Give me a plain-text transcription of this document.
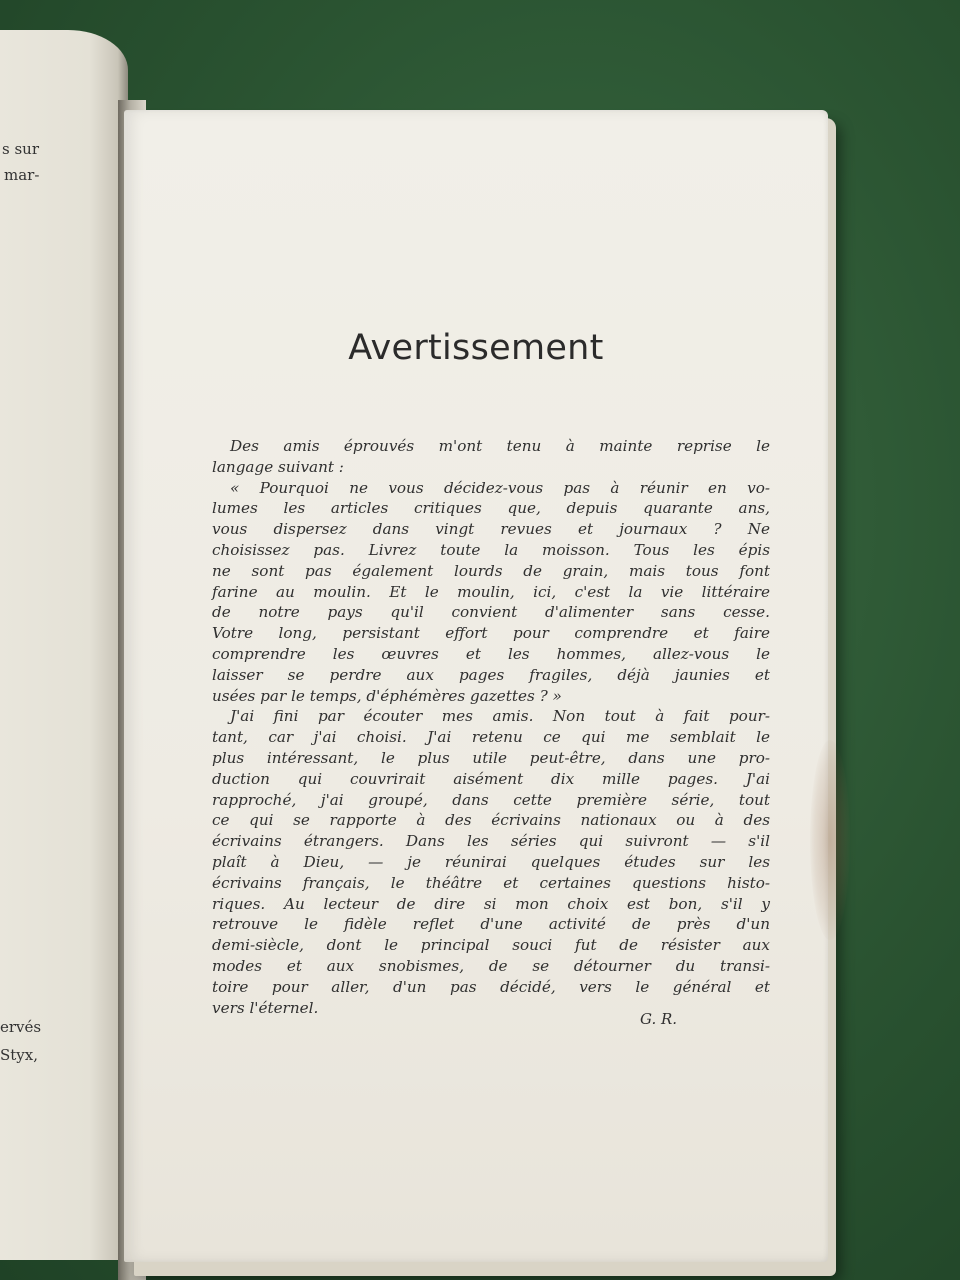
s sur
mar-
ervés
Styx,
Avertissement
Des amis éprouvés m'ont tenu à mainte reprise le
langage suivant :
« Pourquoi ne vous décidez-vous pas à réunir en vo-
lumes les articles critiques que, depuis quarante ans,
vous dispersez dans vingt revues et journaux ? Ne
choisissez pas. Livrez toute la moisson. Tous les épis
ne sont pas également lourds de grain, mais tous font
farine au moulin. Et le moulin, ici, c'est la vie littéraire
de notre pays qu'il convient d'alimenter sans cesse.
Votre long, persistant effort pour comprendre et faire
comprendre les œuvres et les hommes, allez-vous le
laisser se perdre aux pages fragiles, déjà jaunies et
usées par le temps, d'éphémères gazettes ? »
J'ai fini par écouter mes amis. Non tout à fait pour-
tant, car j'ai choisi. J'ai retenu ce qui me semblait le
plus intéressant, le plus utile peut-être, dans une pro-
duction qui couvrirait aisément dix mille pages. J'ai
rapproché, j'ai groupé, dans cette première série, tout
ce qui se rapporte à des écrivains nationaux ou à des
écrivains étrangers. Dans les séries qui suivront — s'il
plaît à Dieu, — je réunirai quelques études sur les
écrivains français, le théâtre et certaines questions histo-
riques. Au lecteur de dire si mon choix est bon, s'il y
retrouve le fidèle reflet d'une activité de près d'un
demi-siècle, dont le principal souci fut de résister aux
modes et aux snobismes, de se détourner du transi-
toire pour aller, d'un pas décidé, vers le général et
vers l'éternel.
G. R.
